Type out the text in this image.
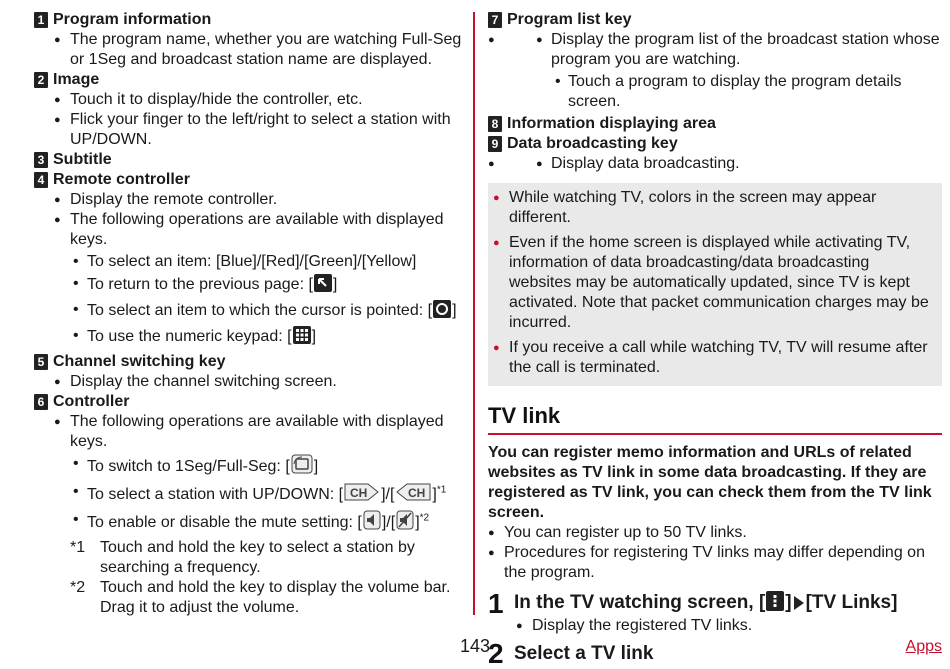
1 Program information
● The program name, whether you are watching Full-Seg or 1Seg and broadcast station name are displayed.
2 Image
● Touch it to display/hide the controller, etc.
● Flick your finger to the left/right to select a station with UP/DOWN.
3 Subtitle
4 Remote controller
● Display the remote controller.
● The following operations are available with displayed keys.
• To select an item: [Blue]/[Red]/[Green]/[Yellow]
• To return to the previous page: [ ]
• To select an item to which the cursor is pointed: [ ]
• To use the numeric keypad: [ ]
5 Channel switching key
● Display the channel switching screen.
6 Controller
● The following operations are available with displayed keys.
• To switch to 1Seg/Full-Seg: [ ]
• To select a station with UP/DOWN: [ CH ]/[ CH ]$^{*1}$
• To enable or disable the mute setting: [ ]/[ ]$^{*2}$
*1 Touch and hold the key to select a station by searching a frequency.
*2 Touch and hold the key to display the volume bar. Drag it to adjust the volume.
7 Program list key
● ● Display the program list of the broadcast station whose program you are watching.
• Touch a program to display the program details screen.
8 Information displaying area
9 Data broadcasting key
● ● Display data broadcasting.
● While watching TV, colors in the screen may appear different.
● Even if the home screen is displayed while activating TV, information of data broadcasting/data broadcasting websites may be automatically updated, since TV is kept activated. Note that packet communication charges may be incurred.
● If you receive a call while watching TV, TV will resume after the call is terminated.
TV link
You can register memo information and URLs of related websites as TV link in some data broadcasting. If they are registered as TV link, you can check them from the TV link screen.
● You can register up to 50 TV links.
● Procedures for registering TV links may differ depending on the program.
1 In the TV watching screen, [ ] [TV Links]
● Display the registered TV links.
2 Select a TV link
143	Apps
